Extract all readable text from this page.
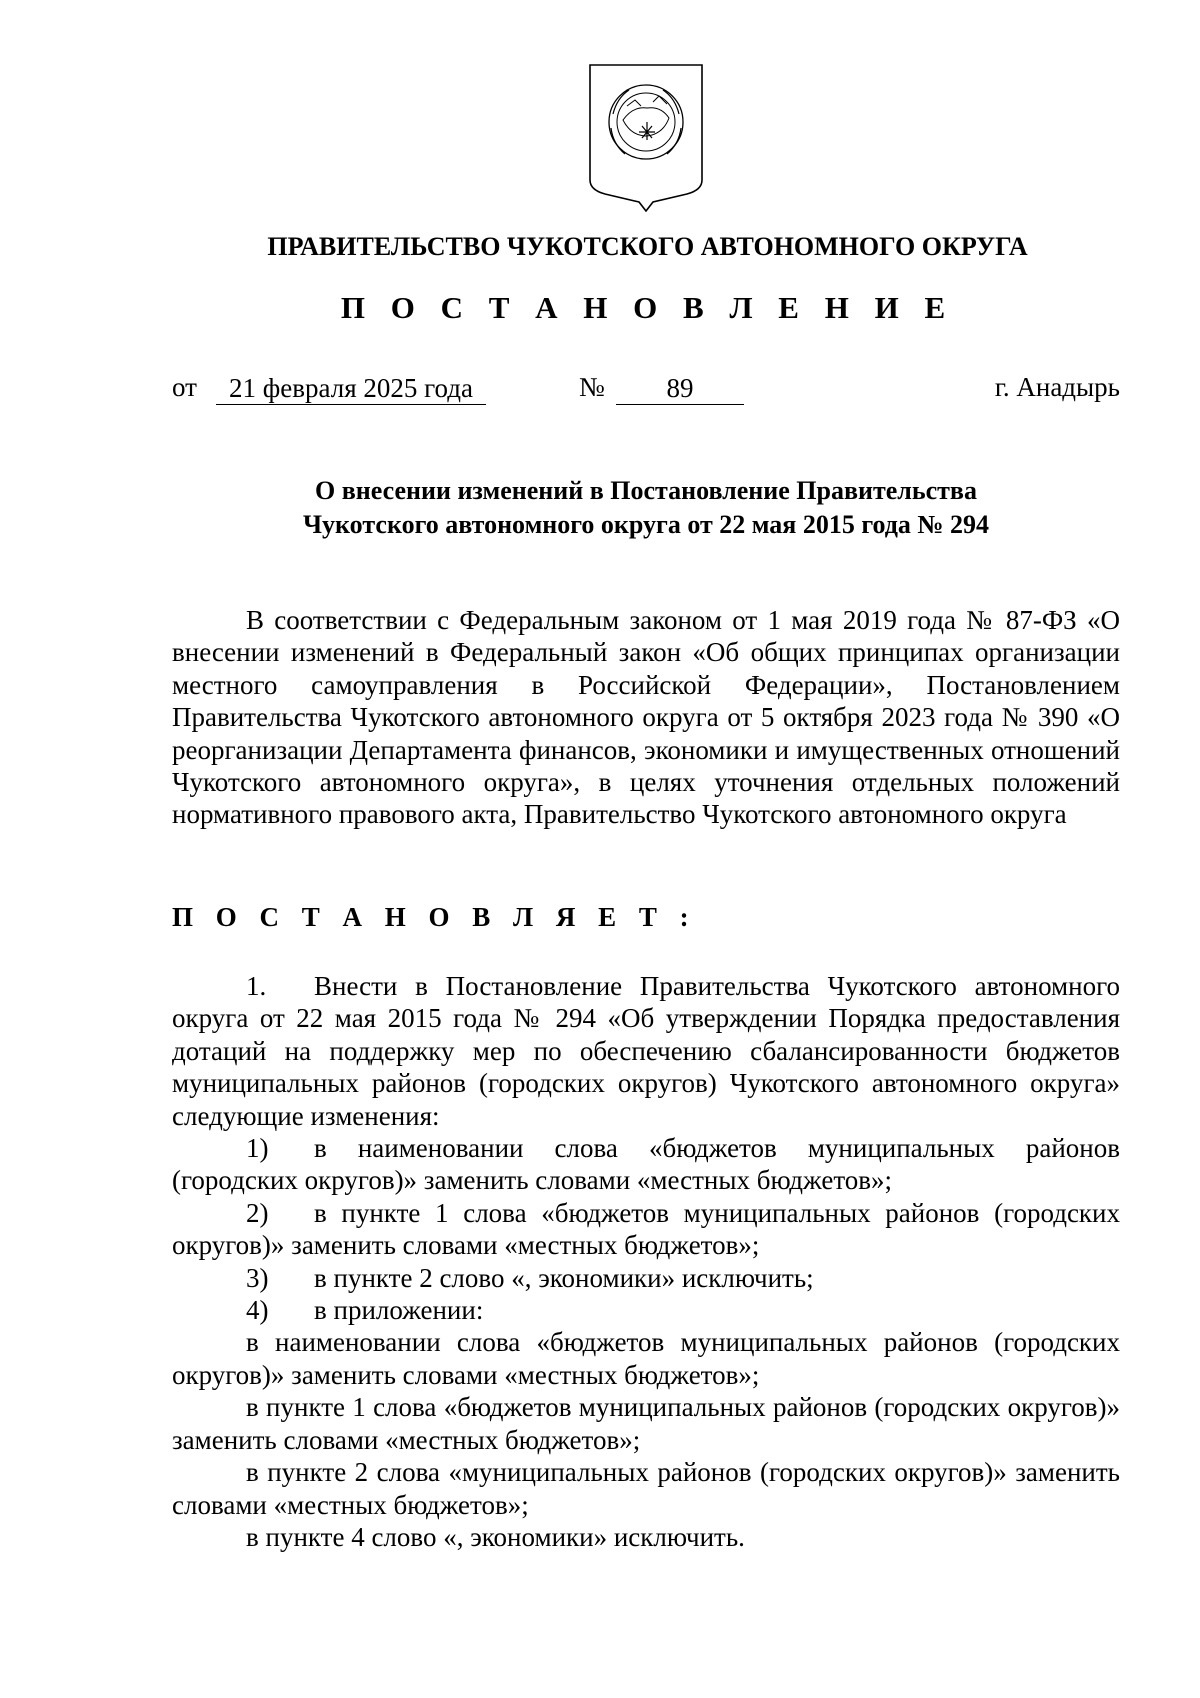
ПРАВИТЕЛЬСТВО ЧУКОТСКОГО АВТОНОМНОГО ОКРУГА
П О С Т А Н О В Л Е Н И Е
от	21 февраля 2025 года	№	89	г. Анадырь
О внесении изменений в Постановление Правительства
Чукотского автономного округа от 22 мая 2015 года № 294

В соответствии с Федеральным законом от 1 мая 2019 года № 87-ФЗ «О внесении изменений в Федеральный закон «Об общих принципах организации местного самоуправления в Российской Федерации», Постановлением Правительства Чукотского автономного округа от 5 октября 2023 года № 390 «О реорганизации Департамента финансов, экономики и имущественных отношений Чукотского автономного округа», в целях уточнения отдельных положений нормативного правового акта, Правительство Чукотского автономного округа

П О С Т А Н О В Л Я Е Т :

1. Внести в Постановление Правительства Чукотского автономного округа от 22 мая 2015 года № 294 «Об утверждении Порядка предоставления дотаций на поддержку мер по обеспечению сбалансированности бюджетов муниципальных районов (городских округов) Чукотского автономного округа» следующие изменения:

1) в наименовании слова «бюджетов муниципальных районов (городских округов)» заменить словами «местных бюджетов»;

2) в пункте 1 слова «бюджетов муниципальных районов (городских округов)» заменить словами «местных бюджетов»;

3) в пункте 2 слово «, экономики» исключить;

4) в приложении:

в наименовании слова «бюджетов муниципальных районов (городских округов)» заменить словами «местных бюджетов»;

в пункте 1 слова «бюджетов муниципальных районов (городских округов)» заменить словами «местных бюджетов»;

в пункте 2 слова «муниципальных районов (городских округов)» заменить словами «местных бюджетов»;

в пункте 4 слово «, экономики» исключить.
